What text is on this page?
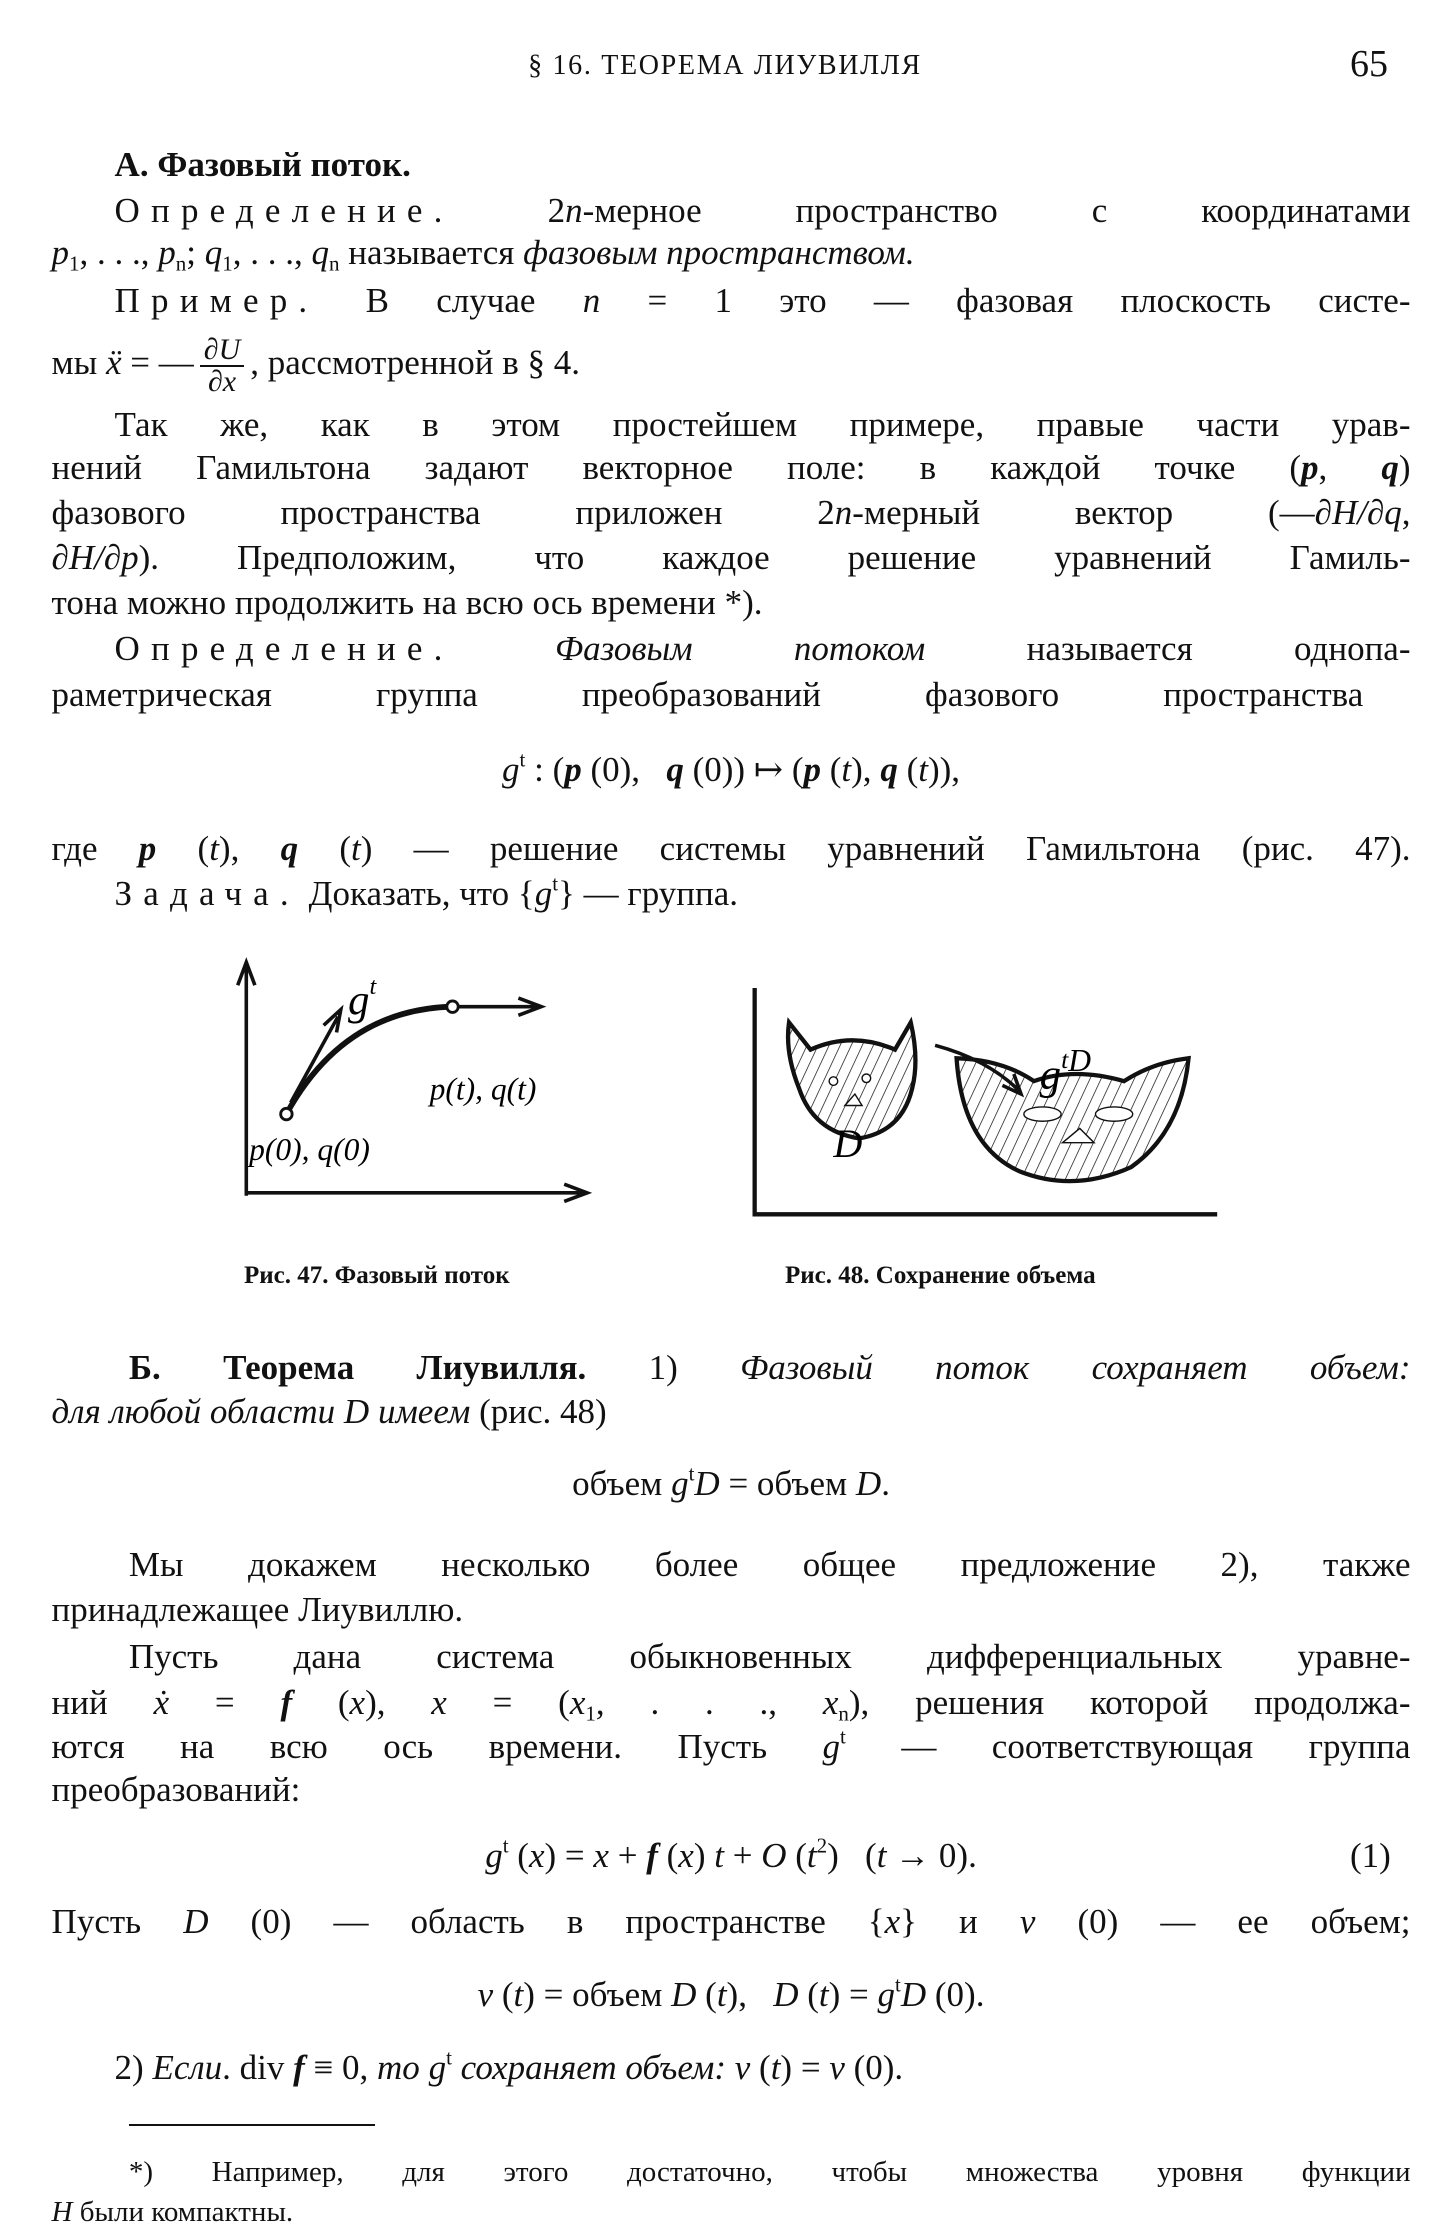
§ 16. ТЕОРЕМА ЛИУВИЛЛЯ	65
А. Фазовый поток.
Определение. 2n-мерное пространство с координатами
$p_1$, . . ., $p_n$; $q_1$, . . ., $q_n$ называется фазовым пространством.
Пример. В случае n = 1 это — фазовая плоскость систе-
мы ẍ = — $\frac{\partial U}{\partial x}$ , рассмотренной в § 4.
Так же, как в этом простейшем примере, правые части урав-
нений Гамильтона задают векторное поле: в каждой точке (p, q)
фазового пространства приложен 2n-мерный вектор (—∂H/∂q,
∂H/∂p). Предположим, что каждое решение уравнений Гамиль-
тона можно продолжить на всю ось времени *).
Определение.	Фазовым потоком называется однопа-
раметрическая группа преобразований фазового пространства
$g^t$ : (p (0),   q (0)) ↦ (p (t), q (t)),
где p (t), q (t) — решение системы уравнений Гамильтона (рис. 47).
Задача. Доказать, что $\{g^t\}$ — группа.
Б. Теорема Лиувилля. 1) Фазовый поток сохраняет объем:
для любой области D имеем (рис. 48)
объем $g^tD$ = объем D.
Мы докажем несколько более общее предложение 2), также
принадлежащее Лиувиллю.
Пусть дана система обыкновенных дифференциальных уравне-
ний ẋ = f (x), $x = (x_1$, . . ., $x_n$), решения которой продолжа-
ются на всю ось времени. Пусть $g^t$ — соответствующая группа
преобразований:
$g^t$ (x) = x + f (x) t + O $(t^2) (t \to 0)$.
Пусть D (0) — область в пространстве {x} и v (0) — ее объем;
v (t) = объем D (t),   D $(t) = g^tD$ (0).
2) Если. div f ≡ 0, то $g^t$ сохраняет объем: v (t) = v (0).
*) Например, для этого достаточно, чтобы множества уровня функции
H были компактны.
(1)
$g^t$
p(t), q(t)
p(0), q(0)	D
$g^tD$
Рис. 47. Фазовый поток	Рис. 48. Сохранение объема
